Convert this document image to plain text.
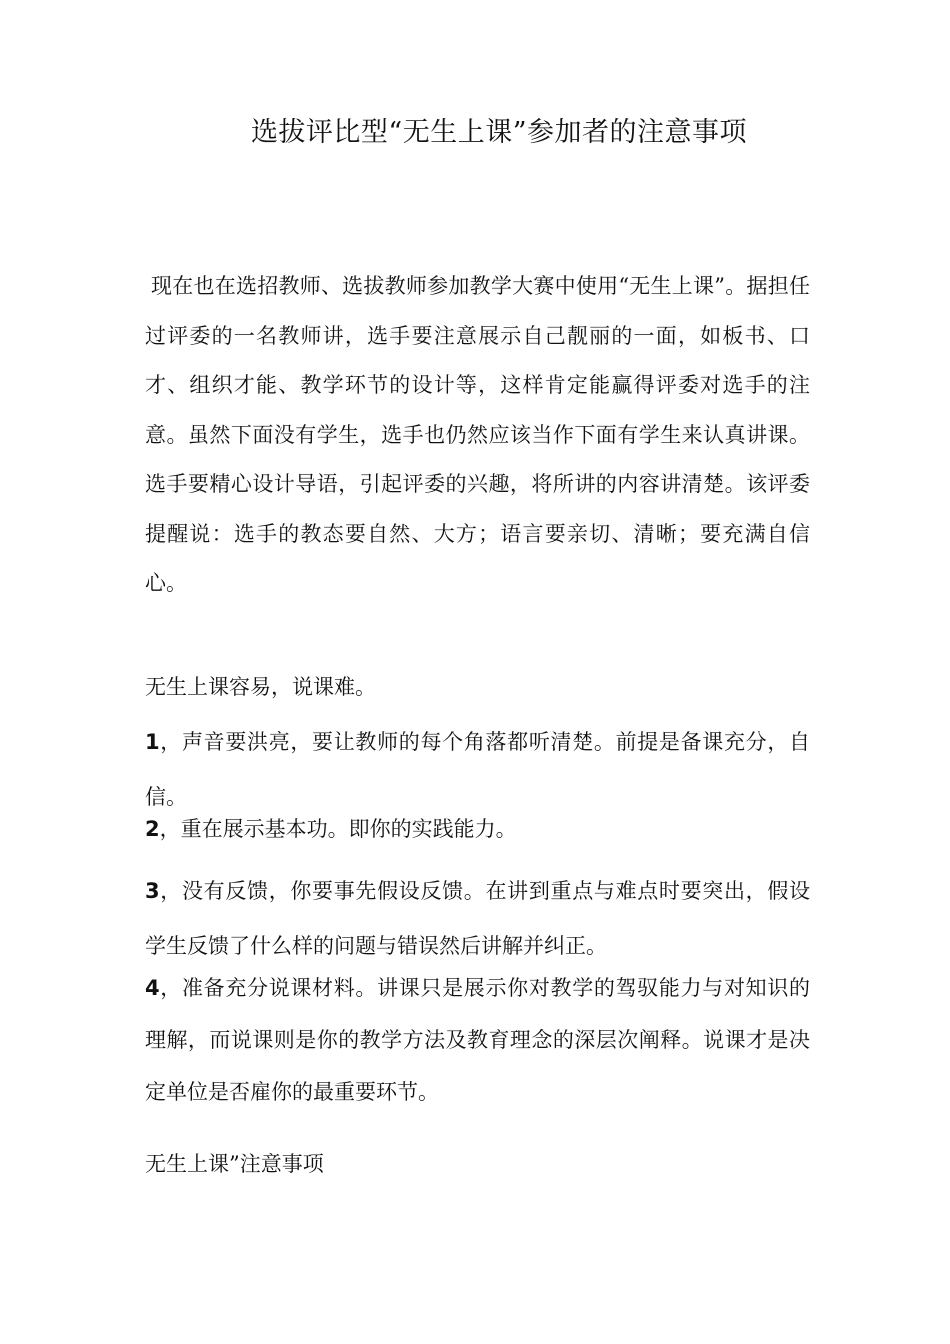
选拔评比型“无生上课”参加者的注意事项

现在也在选招教师、选拔教师参加教学大赛中使用“无生上课”。据担任过评委的一名教师讲，选手要注意展示自己靓丽的一面，如板书、口才、组织才能、教学环节的设计等，这样肯定能赢得评委对选手的注意。虽然下面没有学生，选手也仍然应该当作下面有学生来认真讲课。选手要精心设计导语，引起评委的兴趣，将所讲的内容讲清楚。该评委提醒说：选手的教态要自然、大方；语言要亲切、清晰；要充满自信心。

无生上课容易，说课难。

1，声音要洪亮，要让教师的每个角落都听清楚。前提是备课充分，自信。

2，重在展示基本功。即你的实践能力。

3，没有反馈，你要事先假设反馈。在讲到重点与难点时要突出，假设学生反馈了什么样的问题与错误然后讲解并纠正。

4，准备充分说课材料。讲课只是展示你对教学的驾驭能力与对知识的理解，而说课则是你的教学方法及教育理念的深层次阐释。说课才是决定单位是否雇你的最重要环节。

无生上课”注意事项
